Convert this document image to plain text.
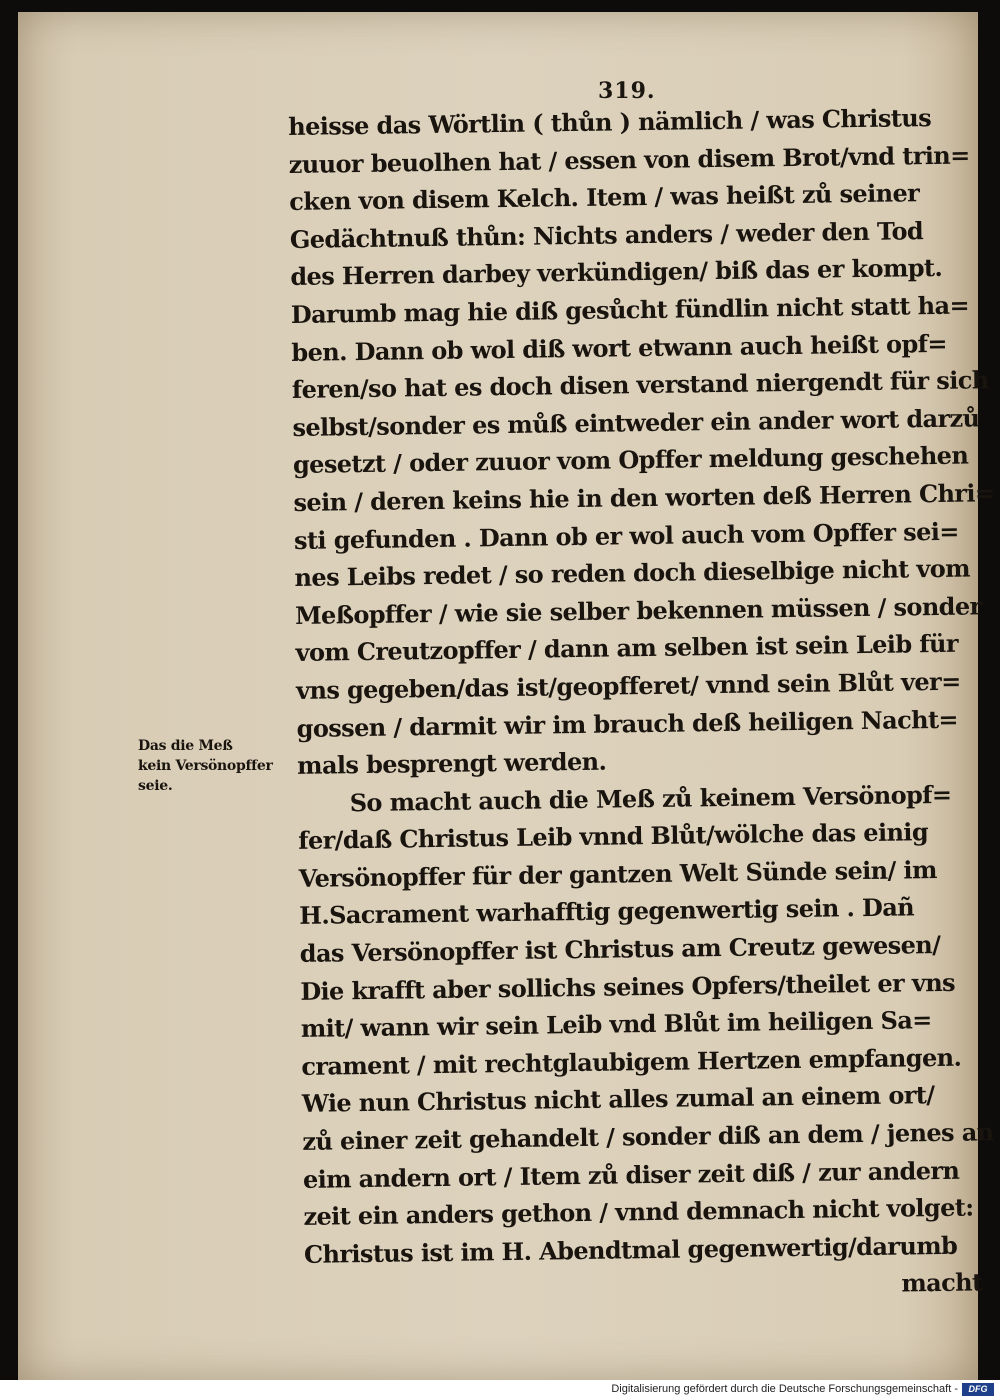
319.
heisse das Wörtlin ( thůn ) nämlich / was Christus
zuuor beuolhen hat / essen von disem Brot/vnd trin=
cken von disem Kelch. Item / was heißt zů seiner
Gedächtnuß thůn: Nichts anders / weder den Tod
des Herren darbey verkündigen/ biß das er kompt.
Darumb mag hie diß gesůcht fündlin nicht statt ha=
ben. Dann ob wol diß wort etwann auch heißt opf=
feren/so hat es doch disen verstand niergendt für sich
selbst/sonder es můß eintweder ein ander wort darzů
gesetzt / oder zuuor vom Opffer meldung geschehen
sein / deren keins hie in den worten deß Herren Chri=
sti gefunden . Dann ob er wol auch vom Opffer sei=
nes Leibs redet / so reden doch dieselbige nicht vom
Meßopffer / wie sie selber bekennen müssen / sonder
vom Creutzopffer / dann am selben ist sein Leib für
vns gegeben/das ist/geopfferet/ vnnd sein Blůt ver=
gossen / darmit wir im brauch deß heiligen Nacht=
mals besprengt werden.
So macht auch die Meß zů keinem Versönopf=
fer/daß Christus Leib vnnd Blůt/wölche das einig
Versönopffer für der gantzen Welt Sünde sein/ im
H.Sacrament warhafftig gegenwertig sein . Dañ
das Versönopffer ist Christus am Creutz gewesen/
Die krafft aber sollichs seines Opfers/theilet er vns
mit/ wann wir sein Leib vnd Blůt im heiligen Sa=
crament / mit rechtglaubigem Hertzen empfangen.
Wie nun Christus nicht alles zumal an einem ort/
zů einer zeit gehandelt / sonder diß an dem / jenes an
eim andern ort / Item zů diser zeit diß / zur andern
zeit ein anders gethon / vnnd demnach nicht volget:
Christus ist im H. Abendtmal gegenwertig/darumb
macht
Das die Meß
kein Versönopffer
seie.
Digitalisierung gefördert durch die Deutsche Forschungsgemeinschaft -	DFG
